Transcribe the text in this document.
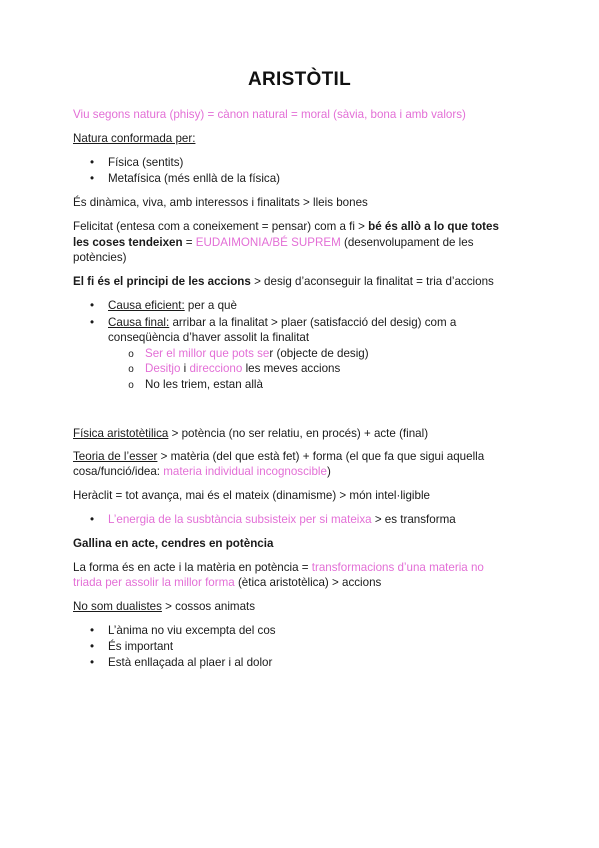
ARISTÒTIL
Viu segons natura (phisy) = cànon natural = moral (sàvia, bona i amb valors)
Natura conformada per:
•
Física (sentits)
•
Metafísica (més enllà de la física)
És dinàmica, viva, amb interessos i finalitats > lleis bones
Felicitat (entesa com a coneixement = pensar) com a fi > bé és allò a lo que totes
les coses tendeixen = EUDAIMONIA/BÉ SUPREM (desenvolupament de les
potències)
El fi és el principi de les accions > desig d’aconseguir la finalitat = tria d’accions
•
Causa eficient: per a què
•
Causa final: arribar a la finalitat > plaer (satisfacció del desig) com a
conseqüència d’haver assolit la finalitat
o
Ser el millor que pots ser (objecte de desig)
o
Desitjo i direcciono les meves accions
o
No les triem, estan allà
Física aristotètilica > potència (no ser relatiu, en procés) + acte (final)
Teoria de l’esser > matèria (del que està fet) + forma (el que fa que sigui aquella
cosa/funció/idea: materia individual incognoscible)
Heràclit = tot avança, mai és el mateix (dinamisme) > món intel·ligible
•
L’energia de la susbtància subsisteix per si mateixa > es transforma
Gallina en acte, cendres en potència
La forma és en acte i la matèria en potència = transformacions d’una materia no
triada per assolir la millor forma (ètica aristotèlica) > accions
No som dualistes > cossos animats
•
L’ànima no viu excempta del cos
•
És important
•
Està enllaçada al plaer i al dolor
